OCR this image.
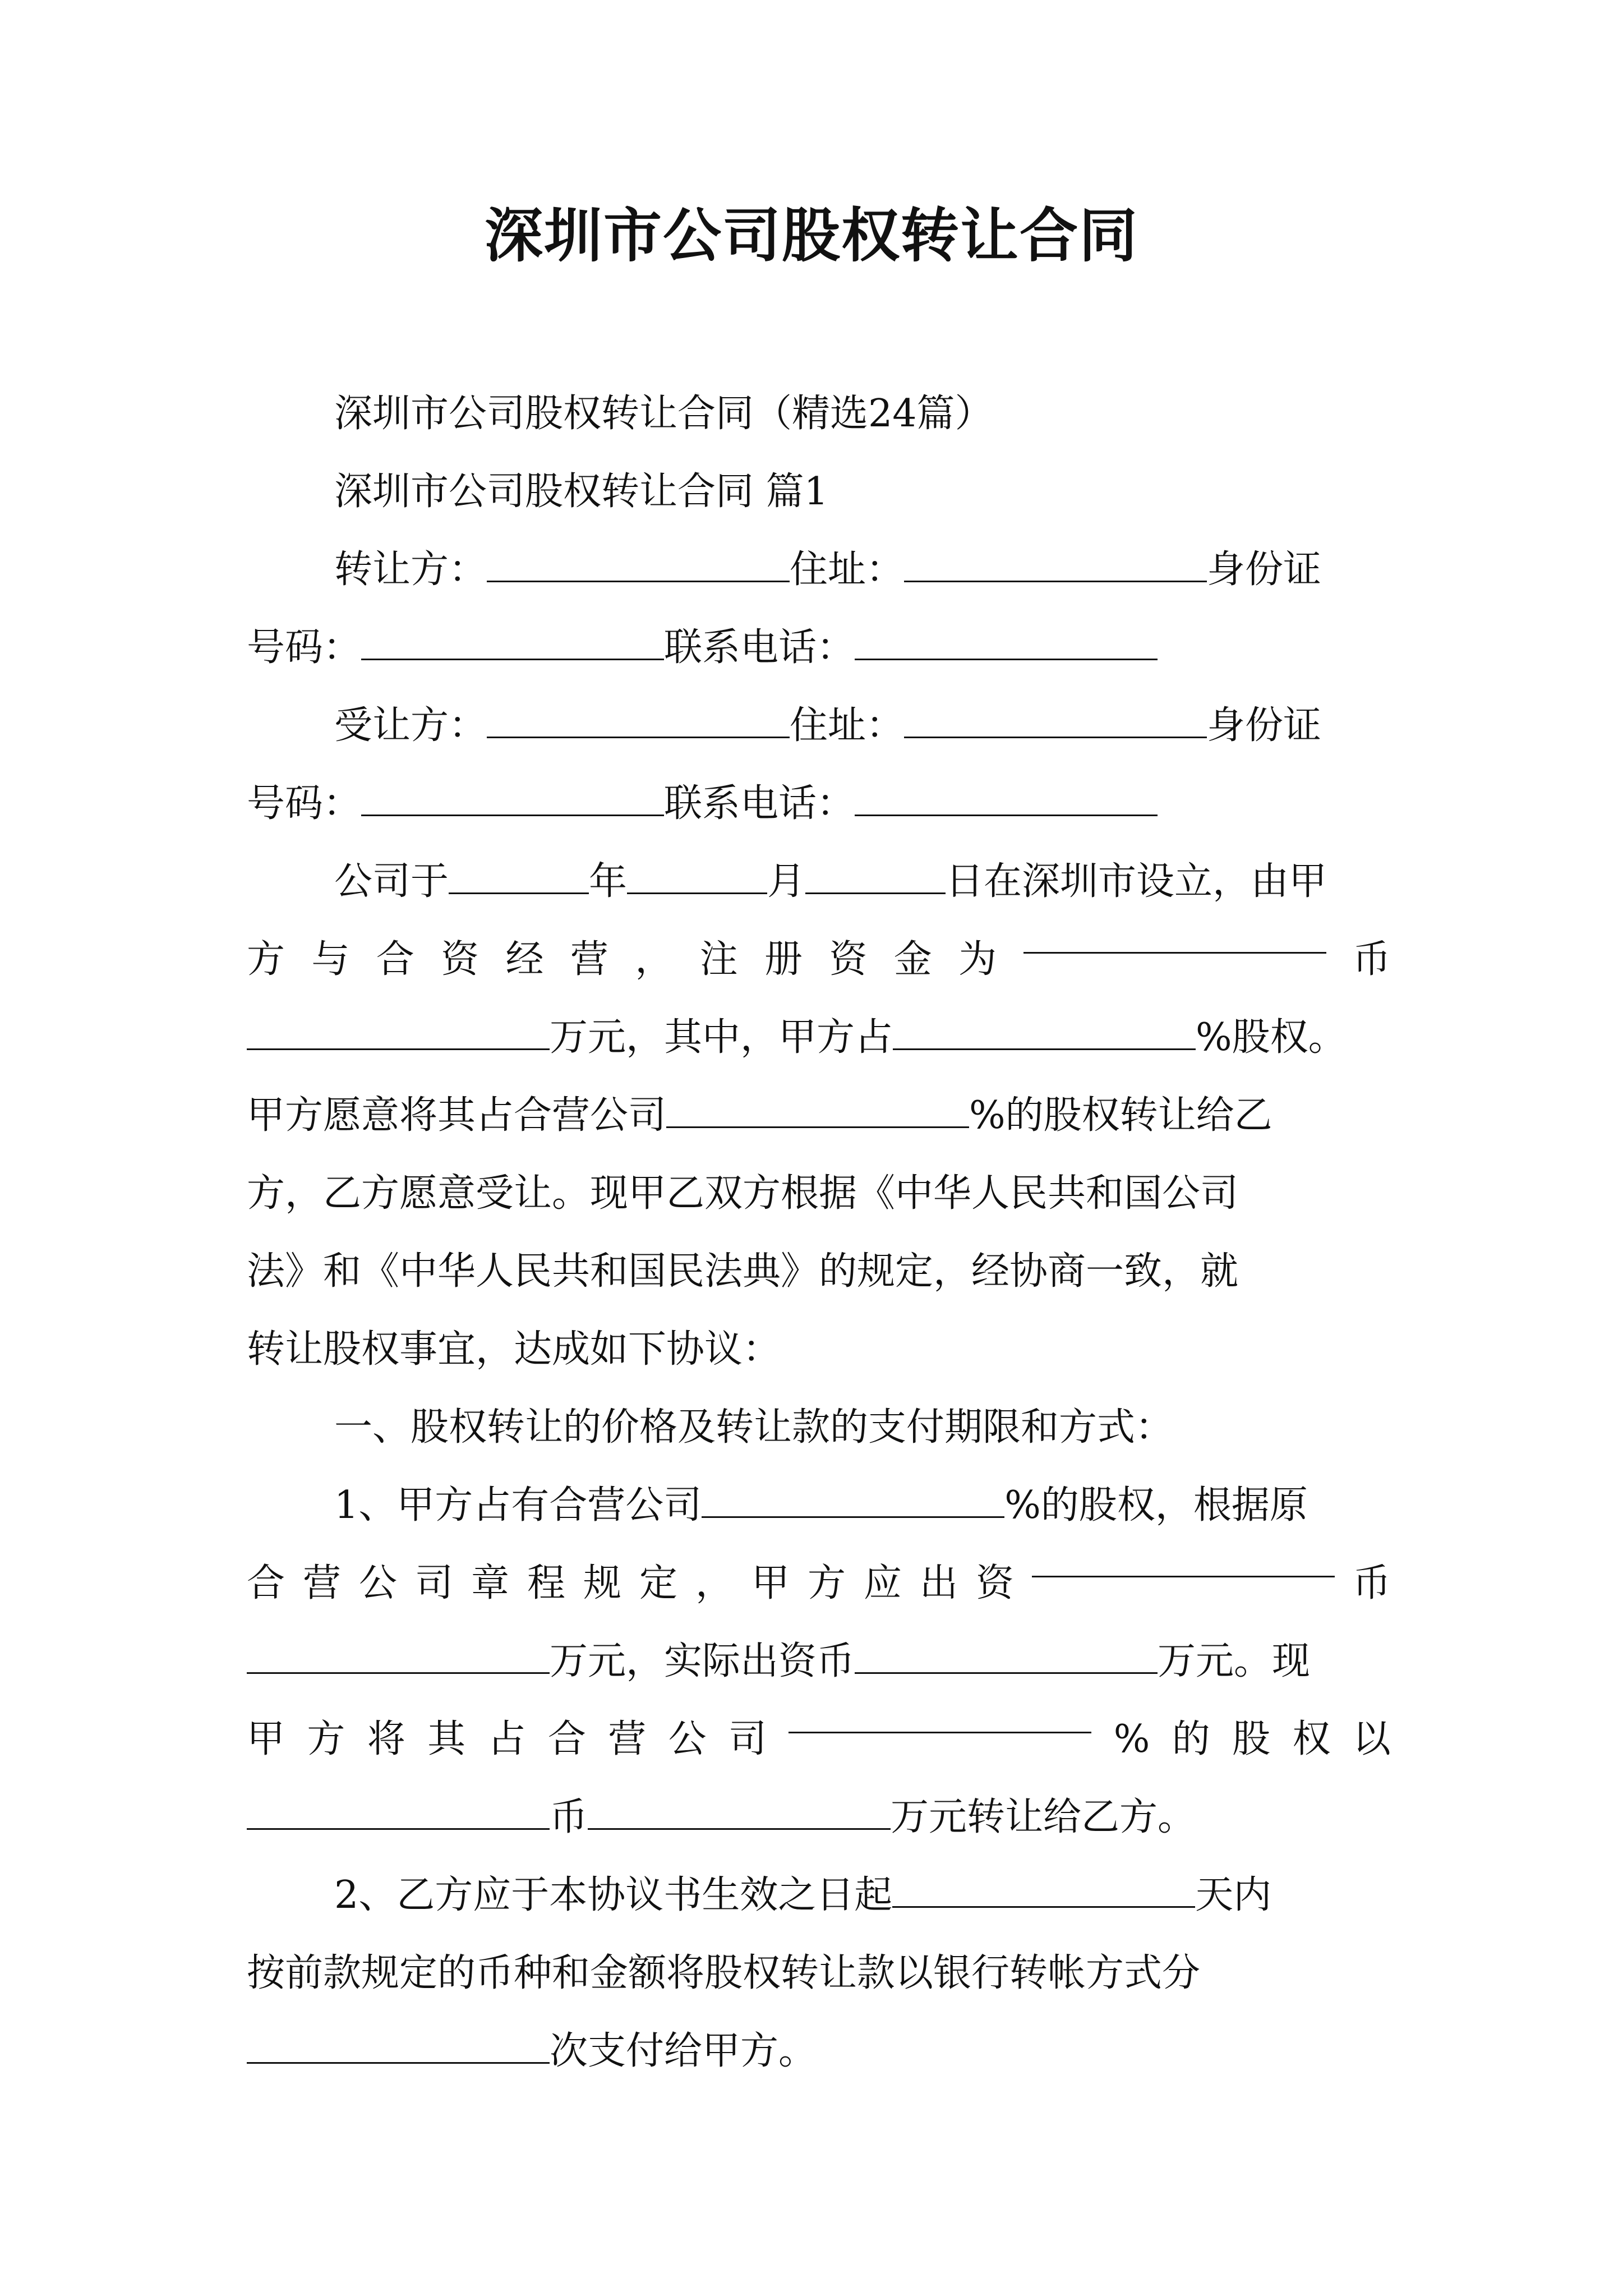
深圳市公司股权转让合同

深圳市公司股权转让合同（精选24篇）

深圳市公司股权转让合同 篇1

转让方：	住址：	身份证

号码：	联系电话：

受让方：	住址：	身份证

号码：	联系电话：

公司于	年	月	日在深圳市设立，由甲

方 与 合 资 经 营 ， 注 册 资 金 为	币

万元，其中，甲方占	%股权。

甲方愿意将其占合营公司	%的股权转让给乙

方，乙方愿意受让。现甲乙双方根据《中华人民共和国公司

法》和《中华人民共和国民法典》的规定，经协商一致，就

转让股权事宜，达成如下协议：

一、股权转让的价格及转让款的支付期限和方式：

1、甲方占有合营公司	%的股权，根据原

合 营 公 司 章 程 规 定 ， 甲 方 应 出 资	币

万元，实际出资币	万元。现

甲 方 将 其 占 合 营 公 司	% 的 股 权 以

币	万元转让给乙方。

2、乙方应于本协议书生效之日起	天内

按前款规定的币种和金额将股权转让款以银行转帐方式分

次支付给甲方。
